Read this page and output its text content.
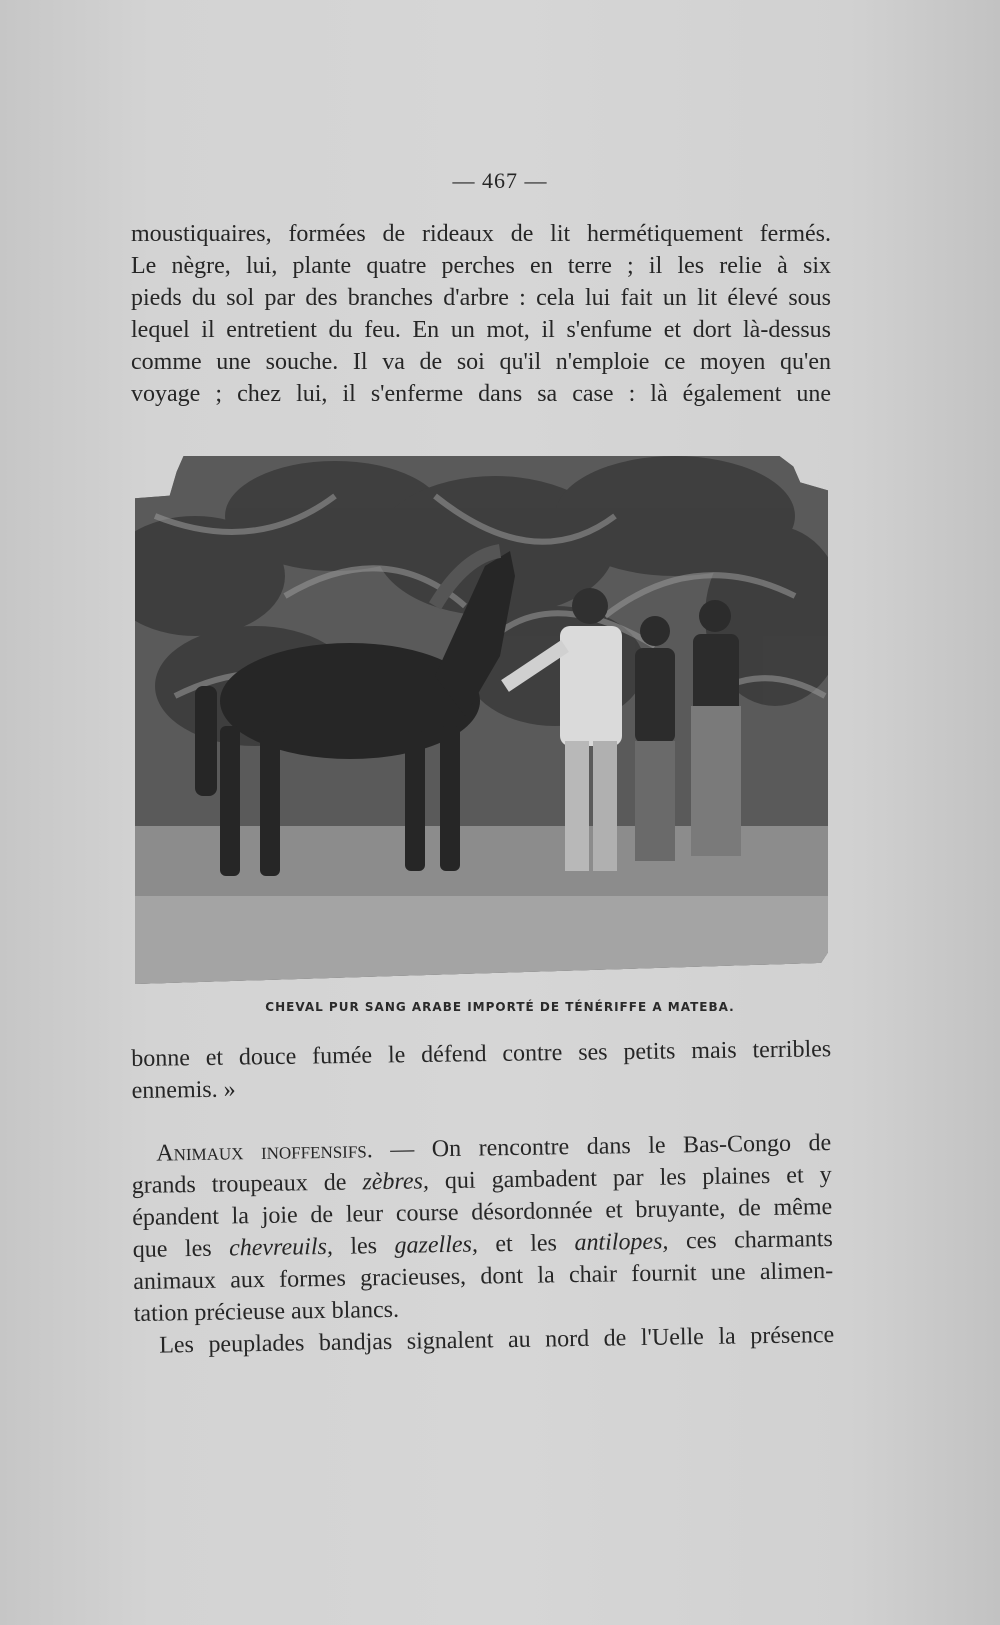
— 467 —
moustiquaires, formées de rideaux de lit hermétiquement fermés.
Le nègre, lui, plante quatre perches en terre ; il les relie à six
pieds du sol par des branches d'arbre : cela lui fait un lit élevé sous
lequel il entretient du feu. En un mot, il s'enfume et dort là-dessus
comme une souche. Il va de soi qu'il n'emploie ce moyen qu'en
voyage ; chez lui, il s'enferme dans sa case : là également une
CHEVAL PUR SANG ARABE IMPORTÉ DE TÉNÉRIFFE A MATEBA.
bonne et douce fumée le défend contre ses petits mais terribles
ennemis. »
Animaux inoffensifs. — On rencontre dans le Bas-Congo de
grands troupeaux de zèbres, qui gambadent par les plaines et y
épandent la joie de leur course désordonnée et bruyante, de même
que les chevreuils, les gazelles, et les antilopes, ces charmants
animaux aux formes gracieuses, dont la chair fournit une alimen-
tation précieuse aux blancs.
Les peuplades bandjas signalent au nord de l'Uelle la présence
